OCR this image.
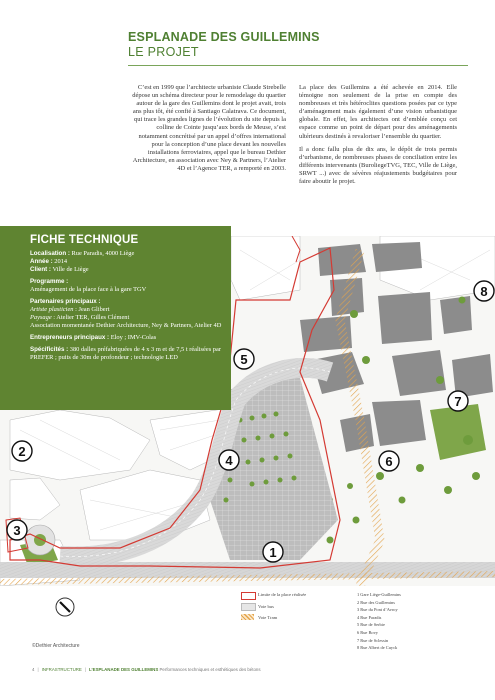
ESPLANADE DES GUILLEMINS
LE PROJET

C’est en 1999 que l’architecte urbaniste Claude Strebelle dépose un schéma directeur pour le remodelage du quartier autour de la gare des Guillemins dont le projet avait, trois ans plus tôt, été confié à Santiago Calatrava. Ce document, qui trace les grandes lignes de l’évolution du site depuis la colline de Cointe jusqu’aux bords de Meuse, s’est notamment concrétisé par un appel d’offres international pour la conception d’une place devant les nouvelles installations ferroviaires, appel que le bureau Dethier Architecture, en association avec Ney & Partners, l’Atelier 4D et l’Agence TER, a remporté en 2003.

La place des Guillemins a été achevée en 2014. Elle témoigne non seulement de la prise en compte des nombreuses et très hétéroclites questions posées par ce type d’aménagement mais également d’une vision urbanistique globale. En effet, les architectes ont d’emblée conçu cet espace comme un point de départ pour des aménagements ultérieurs destinés à revaloriser l’ensemble du quartier.

Il a donc fallu plus de dix ans, le dépôt de trois permis d’urbanisme, de nombreuses phases de conciliation entre les différents intervenants (BuroliegeTVG, TEC, Ville de Liège, SRWT ...) avec de sévères réajustements budgétaires pour faire aboutir le projet.

1
2
3
4
5
6
7
8
FICHE TECHNIQUE
Localisation : Rue Paradis, 4000 Liège
Année : 2014
Client : Ville de Liège
Programme :
Aménagement de la place face à la gare TGV
Partenaires principaux :
Artiste plasticien : Jean Glibert
Paysage : Atelier TER, Gilles Clément
Association momentanée Dethier Architecture, Ney & Partners, Atelier 4D
Entrepreneurs principaux : Eloy ; IMV-Colas
Spécificités : 380 dalles préfabriquées de 4 x 3 m et de 7,5 t réalisées par PREFER ; puits de 30m de profondeur ; technologie LED
Limite de la place réalisée
Voie bus
Voie Tram
1 Gare Liège-Guillemins
2 Rue des Guillemins
3 Rue du Pont d’Avroy
4 Rue Paradis
5 Rue de Serbie
6 Rue Bovy
7 Rue de Sclessin
8 Rue Albert de Cuyck
©Dethier Architecture
4 | INFRASTRUCTURE | L’ESPLANADE DES GUILLEMINS Performances techniques et esthétiques des bétons
